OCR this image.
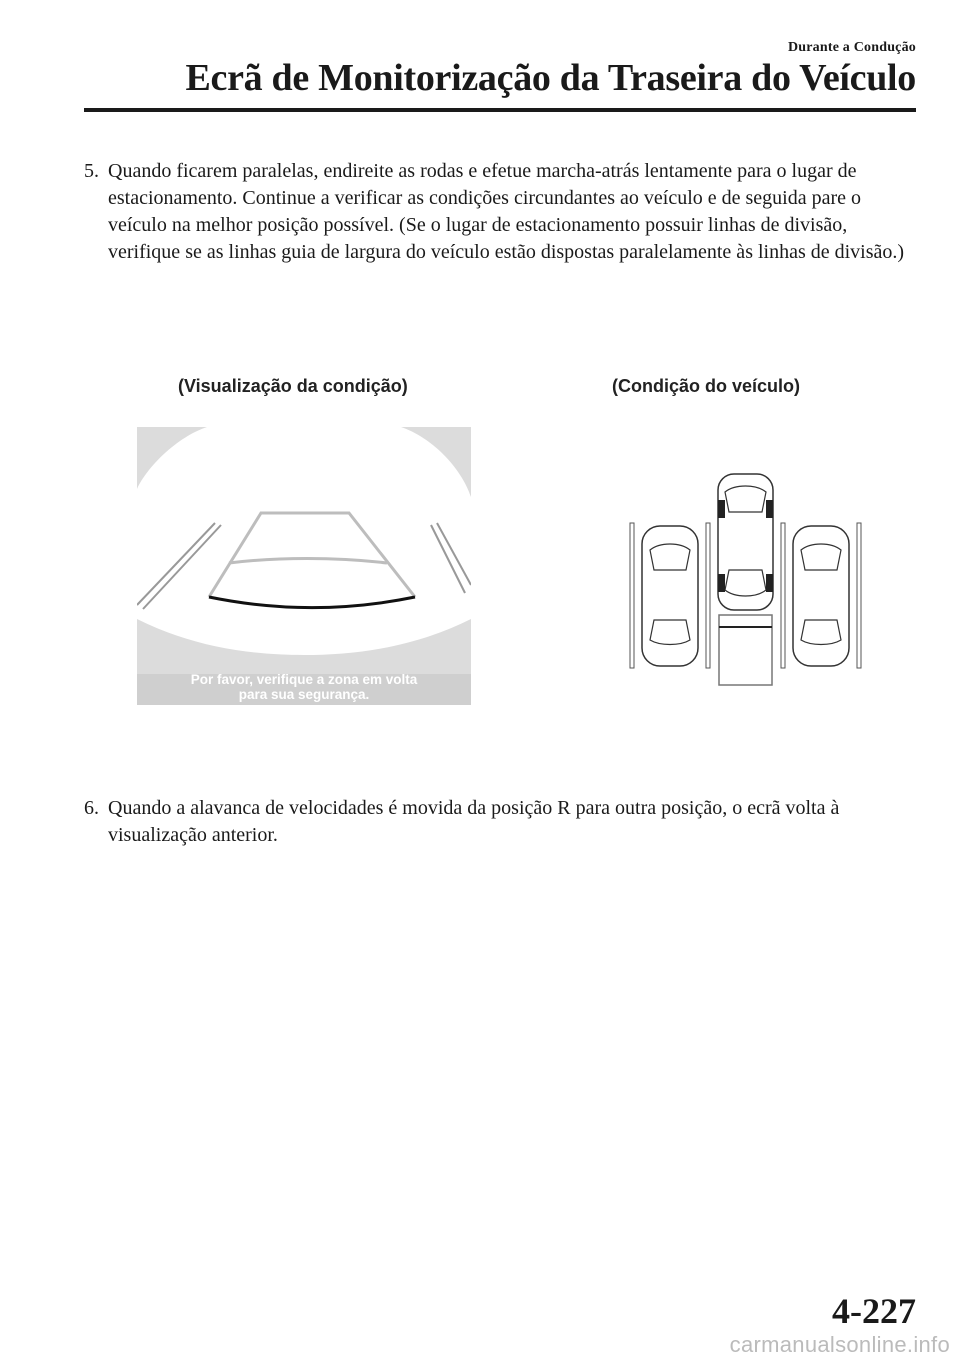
Durante a Condução
Ecrã de Monitorização da Traseira do Veículo
5. Quando ficarem paralelas, endireite as rodas e efetue marcha-atrás lentamente para o lugar de estacionamento. Continue a verificar as condições circundantes ao veículo e de seguida pare o veículo na melhor posição possível. (Se o lugar de estacionamento possuir linhas de divisão, verifique se as linhas guia de largura do veículo estão dispostas paralelamente às linhas de divisão.)
(Visualização da condição)	(Condição do veículo)
Por favor, verifique a zona em volta
para sua segurança.
6. Quando a alavanca de velocidades é movida da posição R para outra posição, o ecrã volta à visualização anterior.
4-227
carmanualsonline.info
